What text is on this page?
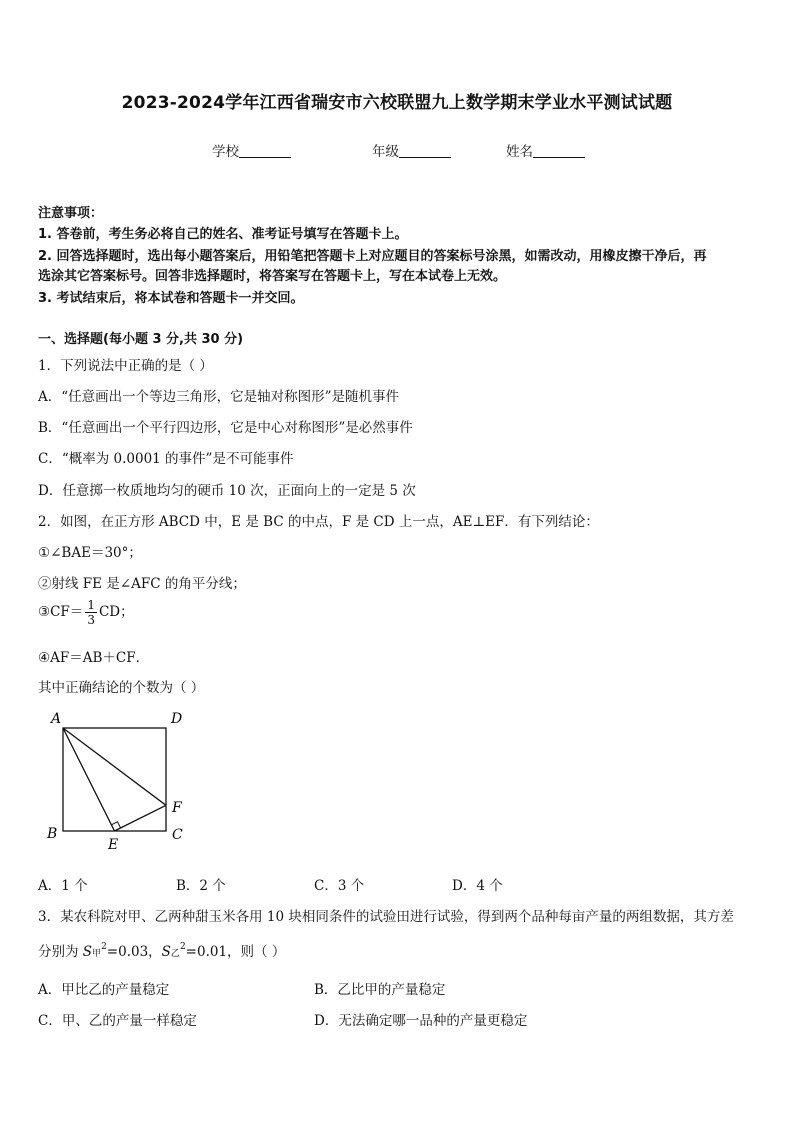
2023-2024学年江西省瑞安市六校联盟九上数学期末学业水平测试试题
学校	年级	姓名
注意事项：
1. 答卷前，考生务必将自己的姓名、准考证号填写在答题卡上。
2. 回答选择题时，选出每小题答案后，用铅笔把答题卡上对应题目的答案标号涂黑，如需改动，用橡皮擦干净后，再
选涂其它答案标号。回答非选择题时，将答案写在答题卡上，写在本试卷上无效。
3. 考试结束后，将本试卷和答题卡一并交回。
一、选择题(每小题 3 分,共 30 分)
1．下列说法中正确的是（ ）
A．“任意画出一个等边三角形，它是轴对称图形”是随机事件
B．“任意画出一个平行四边形，它是中心对称图形”是必然事件
C．“概率为 0.0001 的事件”是不可能事件
D．任意掷一枚质地均匀的硬币 10 次，正面向上的一定是 5 次
2．如图，在正方形 ABCD 中，E 是 BC 的中点，F 是 CD 上一点，AE⊥EF．有下列结论：
①∠BAE＝30°；
②射线 FE 是∠AFC 的角平分线；
③CF＝ $\frac{1}{3}$ CD；
④AF＝AB＋CF．
其中正确结论的个数为（ ）
A	D
B	C
F
E
A．1 个	B．2 个	C．3 个	D．4 个
3．某农科院对甲、乙两种甜玉米各用 10 块相同条件的试验田进行试验，得到两个品种每亩产量的两组数据，其方差
分别为 S甲$^2$=0.03，S乙$^2$=0.01，则（ ）
A．甲比乙的产量稳定	B．乙比甲的产量稳定
C．甲、乙的产量一样稳定	D．无法确定哪一品种的产量更稳定
